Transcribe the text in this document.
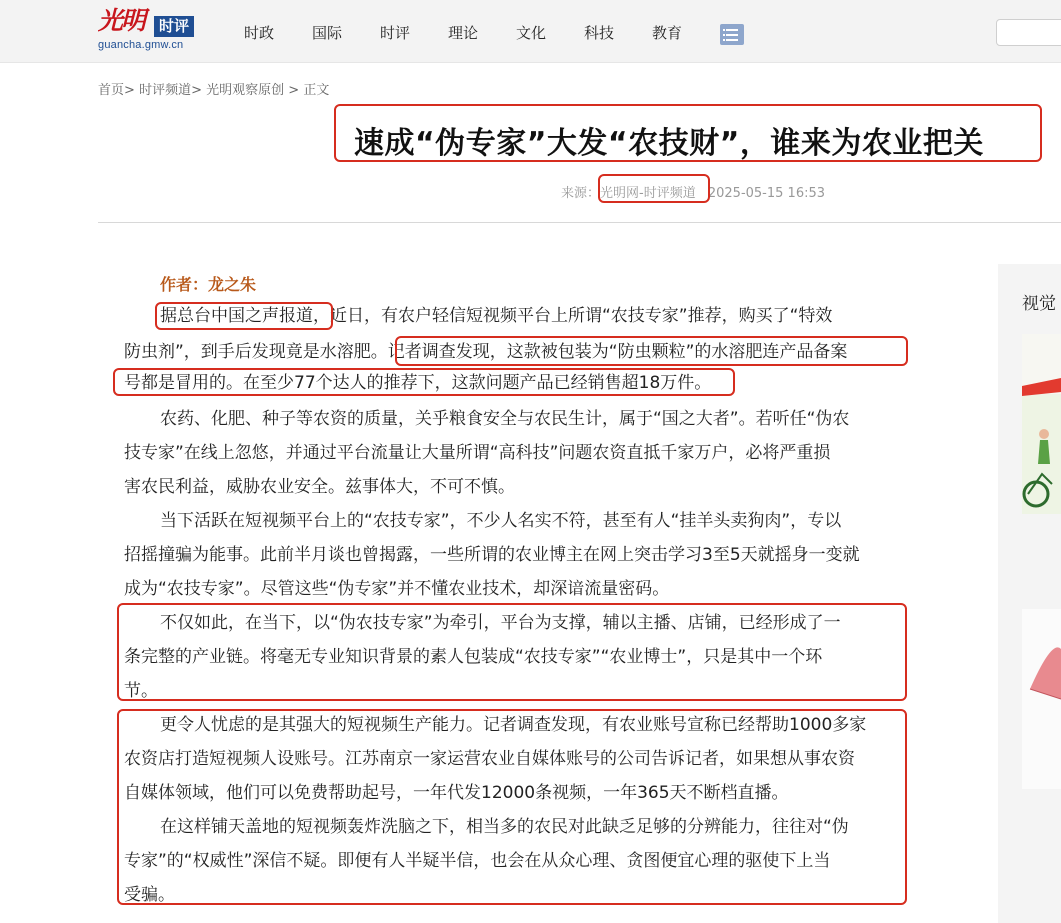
光明 时评
guancha.gmw.cn
时政	国际	时评	理论	文化	科技	教育
首页> 时评频道> 光明观察原创 > 正文
速成“伪专家”大发“农技财”，谁来为农业把关
来源：光明网-时评频道 2025-05-15 16:53
视觉
作者：龙之朱
据总台中国之声报道，近日，有农户轻信短视频平台上所谓“农技专家”推荐，购买了“特效
防虫剂”，到手后发现竟是水溶肥。记者调查发现，这款被包装为“防虫颗粒”的水溶肥连产品备案
号都是冒用的。在至少77个达人的推荐下，这款问题产品已经销售超18万件。
农药、化肥、种子等农资的质量，关乎粮食安全与农民生计，属于“国之大者”。若听任“伪农
技专家”在线上忽悠，并通过平台流量让大量所谓“高科技”问题农资直抵千家万户，必将严重损
害农民利益，威胁农业安全。兹事体大，不可不慎。
当下活跃在短视频平台上的“农技专家”，不少人名实不符，甚至有人“挂羊头卖狗肉”，专以
招摇撞骗为能事。此前半月谈也曾揭露，一些所谓的农业博主在网上突击学习3至5天就摇身一变就
成为“农技专家”。尽管这些“伪专家”并不懂农业技术，却深谙流量密码。
不仅如此，在当下，以“伪农技专家”为牵引，平台为支撑，辅以主播、店铺，已经形成了一
条完整的产业链。将毫无专业知识背景的素人包装成“农技专家”“农业博士”，只是其中一个环
节。
更令人忧虑的是其强大的短视频生产能力。记者调查发现，有农业账号宣称已经帮助1000多家
农资店打造短视频人设账号。江苏南京一家运营农业自媒体账号的公司告诉记者，如果想从事农资
自媒体领域，他们可以免费帮助起号，一年代发12000条视频，一年365天不断档直播。
在这样铺天盖地的短视频轰炸洗脑之下，相当多的农民对此缺乏足够的分辨能力，往往对“伪
专家”的“权威性”深信不疑。即便有人半疑半信，也会在从众心理、贪图便宜心理的驱使下上当
受骗。
